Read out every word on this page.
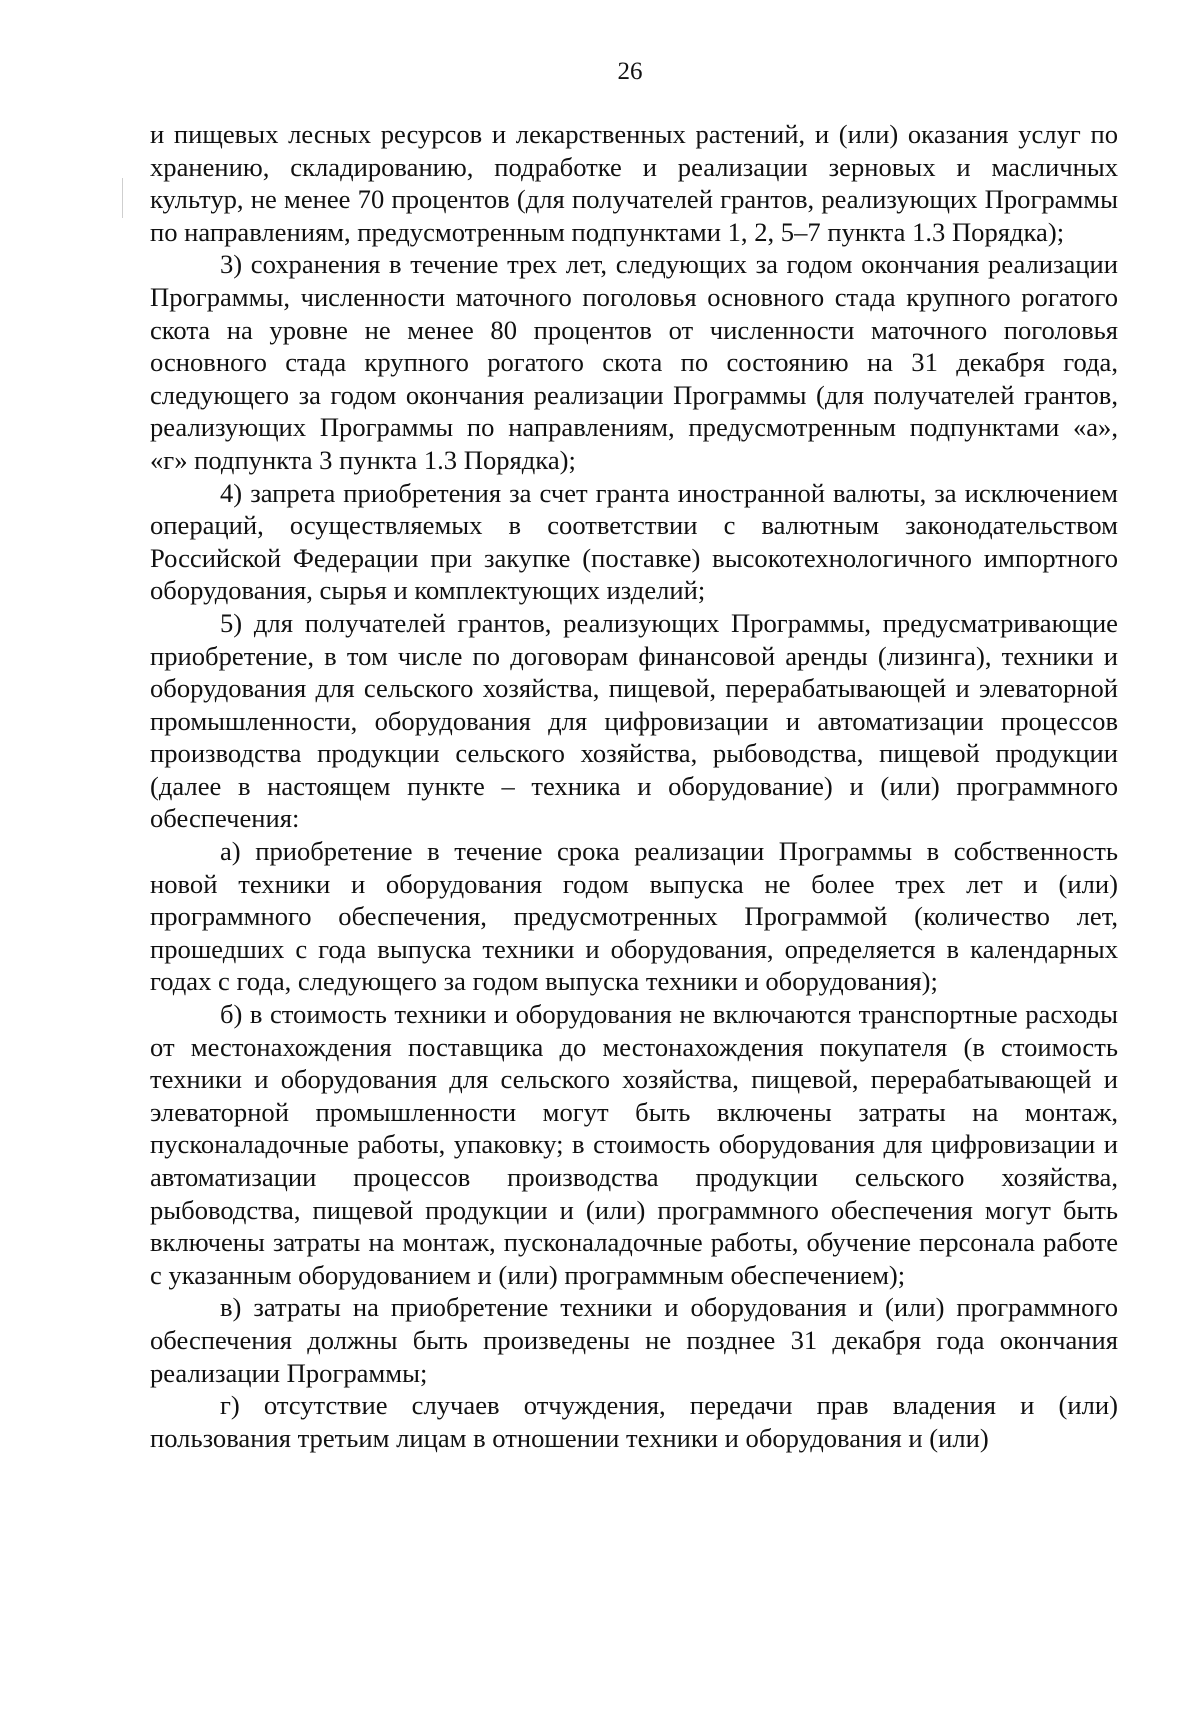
26

и пищевых лесных ресурсов и лекарственных растений, и (или) оказания услуг по хранению, складированию, подработке и реализации зерновых и масличных культур, не менее 70 процентов (для получателей грантов, реализующих Программы по направлениям, предусмотренным подпунктами 1, 2, 5–7 пункта 1.3 Порядка);

3) сохранения в течение трех лет, следующих за годом окончания реализации Программы, численности маточного поголовья основного стада крупного рогатого скота на уровне не менее 80 процентов от численности маточного поголовья основного стада крупного рогатого скота по состоянию на 31 декабря года, следующего за годом окончания реализации Программы (для получателей грантов, реализующих Программы по направлениям, предусмотренным подпунктами «а», «г» подпункта 3 пункта 1.3 Порядка);

4) запрета приобретения за счет гранта иностранной валюты, за исключением операций, осуществляемых в соответствии с валютным законодательством Российской Федерации при закупке (поставке) высокотехнологичного импортного оборудования, сырья и комплектующих изделий;

5) для получателей грантов, реализующих Программы, предусматривающие приобретение, в том числе по договорам финансовой аренды (лизинга), техники и оборудования для сельского хозяйства, пищевой, перерабатывающей и элеваторной промышленности, оборудования для цифровизации и автоматизации процессов производства продукции сельского хозяйства, рыбоводства, пищевой продукции (далее в настоящем пункте – техника и оборудование) и (или) программного обеспечения:

а) приобретение в течение срока реализации Программы в собственность новой техники и оборудования годом выпуска не более трех лет и (или) программного обеспечения, предусмотренных Программой (количество лет, прошедших с года выпуска техники и оборудования, определяется в календарных годах с года, следующего за годом выпуска техники и оборудования);

б) в стоимость техники и оборудования не включаются транспортные расходы от местонахождения поставщика до местонахождения покупателя (в стоимость техники и оборудования для сельского хозяйства, пищевой, перерабатывающей и элеваторной промышленности могут быть включены затраты на монтаж, пусконаладочные работы, упаковку; в стоимость оборудования для цифровизации и автоматизации процессов производства продукции сельского хозяйства, рыбоводства, пищевой продукции и (или) программного обеспечения могут быть включены затраты на монтаж, пусконаладочные работы, обучение персонала работе с указанным оборудованием и (или) программным обеспечением);

в) затраты на приобретение техники и оборудования и (или) программного обеспечения должны быть произведены не позднее 31 декабря года окончания реализации Программы;

г) отсутствие случаев отчуждения, передачи прав владения и (или) пользования третьим лицам в отношении техники и оборудования и (или)
